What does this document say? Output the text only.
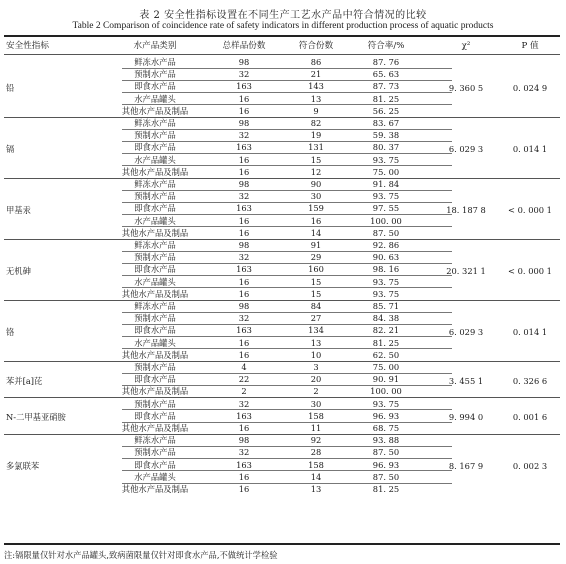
表 2 安全性指标设置在不同生产工艺水产品中符合情况的比较
Table 2 Comparison of coincidence rate of safety indicators in different production process of aquatic products
安全性指标	水产品类别	总样品份数	符合份数	符合率/%	χ²	P 值
铅	9. 360 5	0. 024 9
鲜冻水产品	98	86	87. 76
预制水产品	32	21	65. 63
即食水产品	163	143	87. 73
水产品罐头	16	13	81. 25
其他水产品及制品	16	9	56. 25
镉	6. 029 3	0. 014 1
鲜冻水产品	98	82	83. 67
预制水产品	32	19	59. 38
即食水产品	163	131	80. 37
水产品罐头	16	15	93. 75
其他水产品及制品	16	12	75. 00
甲基汞	18. 187 8	< 0. 000 1
鲜冻水产品	98	90	91. 84
预制水产品	32	30	93. 75
即食水产品	163	159	97. 55
水产品罐头	16	16	100. 00
其他水产品及制品	16	14	87. 50
无机砷	20. 321 1	< 0. 000 1
鲜冻水产品	98	91	92. 86
预制水产品	32	29	90. 63
即食水产品	163	160	98. 16
水产品罐头	16	15	93. 75
其他水产品及制品	16	15	93. 75
铬	6. 029 3	0. 014 1
鲜冻水产品	98	84	85. 71
预制水产品	32	27	84. 38
即食水产品	163	134	82. 21
水产品罐头	16	13	81. 25
其他水产品及制品	16	10	62. 50
苯并[a]芘	3. 455 1	0. 326 6
预制水产品	4	3	75. 00
即食水产品	22	20	90. 91
其他水产品及制品	2	2	100. 00
N-二甲基亚硝胺	9. 994 0	0. 001 6
预制水产品	32	30	93. 75
即食水产品	163	158	96. 93
其他水产品及制品	16	11	68. 75
多氯联苯	8. 167 9	0. 002 3
鲜冻水产品	98	92	93. 88
预制水产品	32	28	87. 50
即食水产品	163	158	96. 93
水产品罐头	16	14	87. 50
其他水产品及制品	16	13	81. 25
注:镉限量仅针对水产品罐头,致病菌限量仅针对即食水产品,不做统计学检验
